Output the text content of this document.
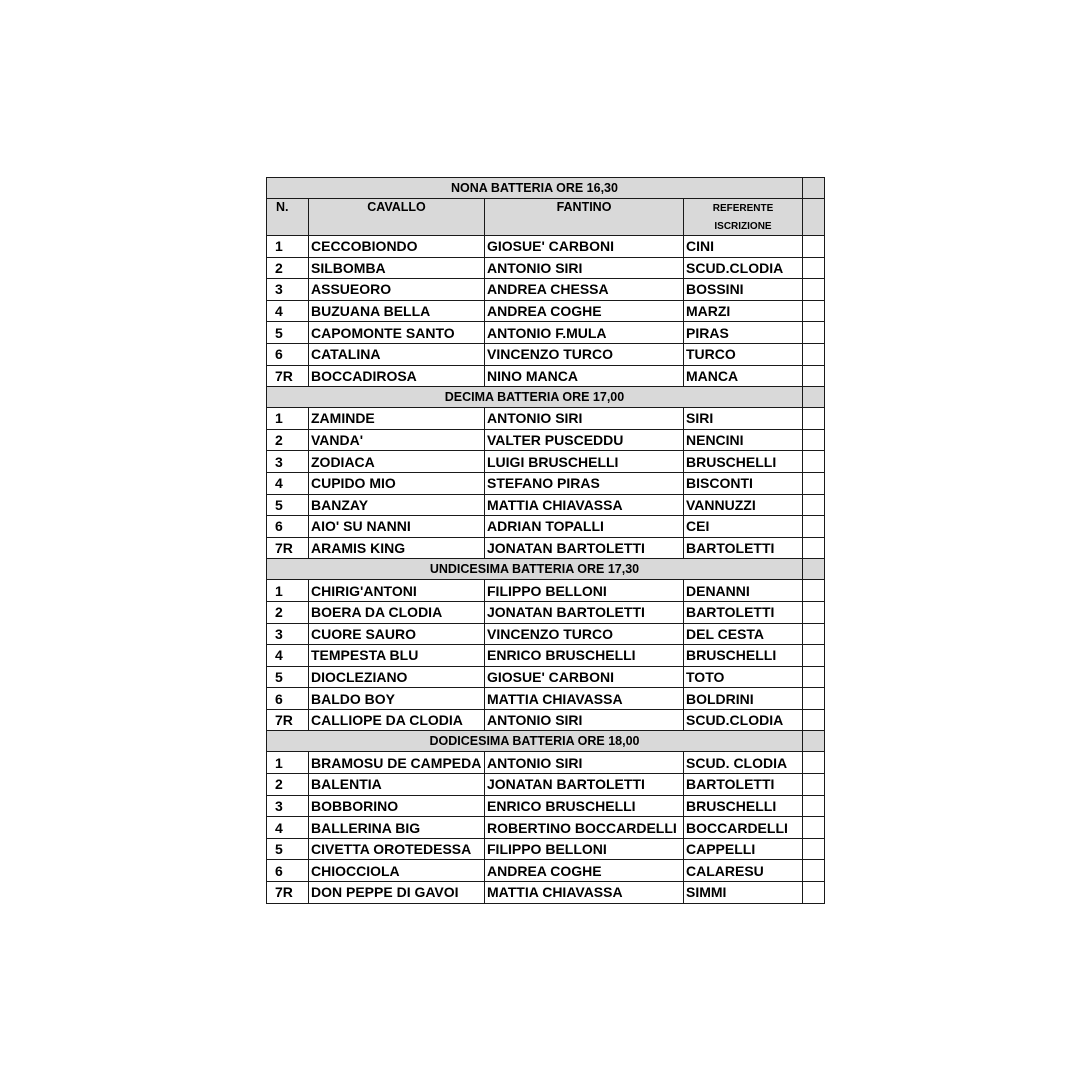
NONA BATTERIA ORE 16,30				
N.	CAVALLO	FANTINO	REFERENTE
ISCRIZIONE	
1	CECCOBIONDO	GIOSUE' CARBONI	CINI	
2	SILBOMBA	ANTONIO SIRI	SCUD.CLODIA	
3	ASSUEORO	ANDREA CHESSA	BOSSINI	
4	BUZUANA BELLA	ANDREA COGHE	MARZI	
5	CAPOMONTE SANTO	ANTONIO F.MULA	PIRAS	
6	CATALINA	VINCENZO TURCO	TURCO	
7R	BOCCADIROSA	NINO MANCA	MANCA	
DECIMA BATTERIA ORE 17,00				
1	ZAMINDE	ANTONIO SIRI	SIRI	
2	VANDA'	VALTER PUSCEDDU	NENCINI	
3	ZODIACA	LUIGI BRUSCHELLI	BRUSCHELLI	
4	CUPIDO MIO	STEFANO PIRAS	BISCONTI	
5	BANZAY	MATTIA CHIAVASSA	VANNUZZI	
6	AIO' SU NANNI	ADRIAN TOPALLI	CEI	
7R	ARAMIS KING	JONATAN BARTOLETTI	BARTOLETTI	
UNDICESIMA BATTERIA ORE 17,30				
1	CHIRIG'ANTONI	FILIPPO BELLONI	DENANNI	
2	BOERA DA CLODIA	JONATAN BARTOLETTI	BARTOLETTI	
3	CUORE SAURO	VINCENZO TURCO	DEL CESTA	
4	TEMPESTA BLU	ENRICO BRUSCHELLI	BRUSCHELLI	
5	DIOCLEZIANO	GIOSUE' CARBONI	TOTO	
6	BALDO BOY	MATTIA CHIAVASSA	BOLDRINI	
7R	CALLIOPE DA CLODIA	ANTONIO SIRI	SCUD.CLODIA	
DODICESIMA BATTERIA ORE 18,00				
1	BRAMOSU DE CAMPEDA	ANTONIO SIRI	SCUD. CLODIA	
2	BALENTIA	JONATAN BARTOLETTI	BARTOLETTI	
3	BOBBORINO	ENRICO BRUSCHELLI	BRUSCHELLI	
4	BALLERINA BIG	ROBERTINO BOCCARDELLI	BOCCARDELLI	
5	CIVETTA OROTEDESSA	FILIPPO BELLONI	CAPPELLI	
6	CHIOCCIOLA	ANDREA COGHE	CALARESU	
7R	DON PEPPE DI GAVOI	MATTIA CHIAVASSA	SIMMI	
